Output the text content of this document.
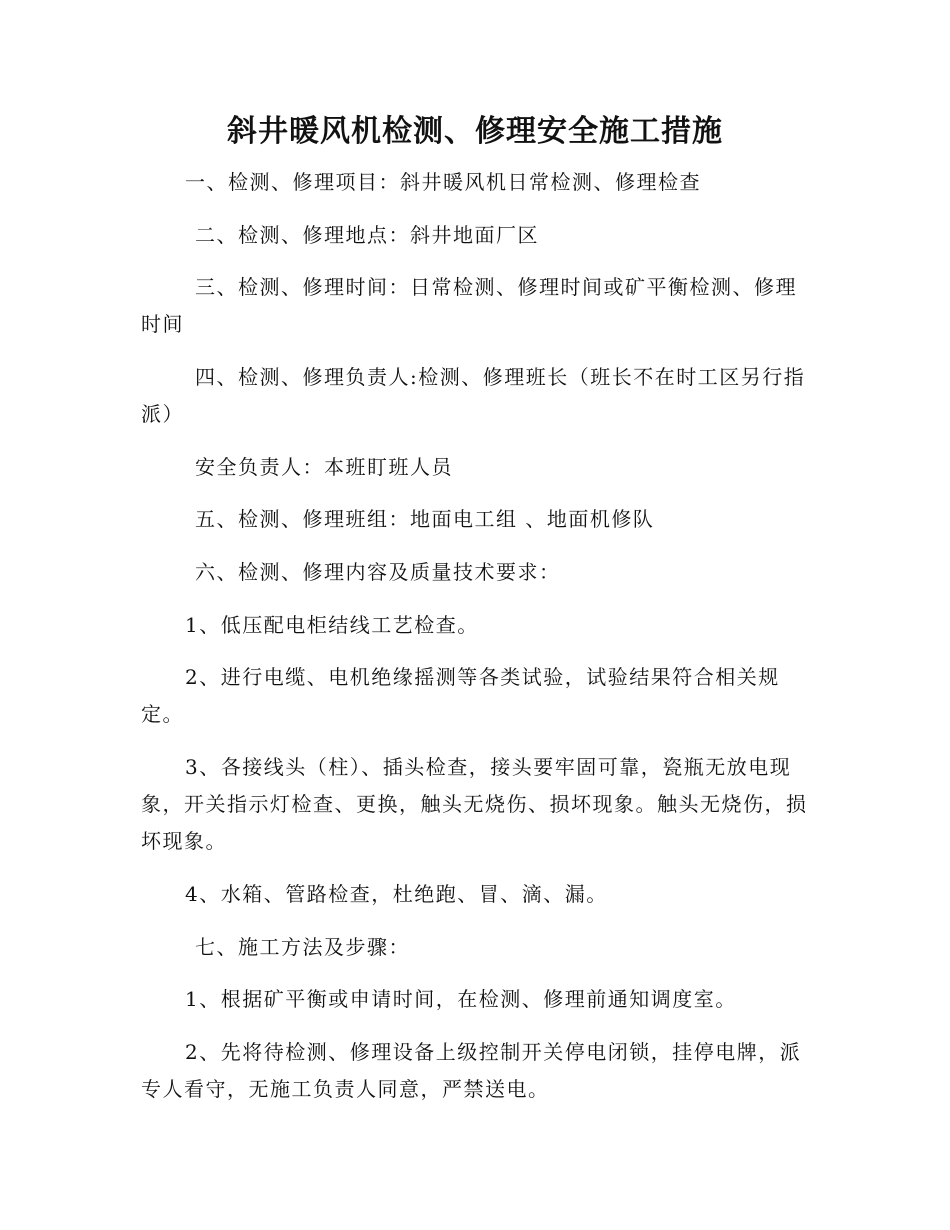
斜井暖风机检测、修理安全施工措施

一、检测、修理项目：斜井暖风机日常检测、修理检查

二、检测、修理地点：斜井地面厂区

三、检测、修理时间：日常检测、修理时间或矿平衡检测、修理时间

四、检测、修理负责人:检测、修理班长（班长不在时工区另行指派）

安全负责人：本班盯班人员

五、检测、修理班组：地面电工组 、地面机修队

六、检测、修理内容及质量技术要求：

1、低压配电柜结线工艺检查。

2、进行电缆、电机绝缘摇测等各类试验，试验结果符合相关规定。

3、各接线头（柱）、插头检查，接头要牢固可靠，瓷瓶无放电现象，开关指示灯检查、更换，触头无烧伤、损坏现象。触头无烧伤，损坏现象。

4、水箱、管路检查，杜绝跑、冒、滴、漏。

七、施工方法及步骤：

1、根据矿平衡或申请时间，在检测、修理前通知调度室。

2、先将待检测、修理设备上级控制开关停电闭锁，挂停电牌，派专人看守，无施工负责人同意，严禁送电。
